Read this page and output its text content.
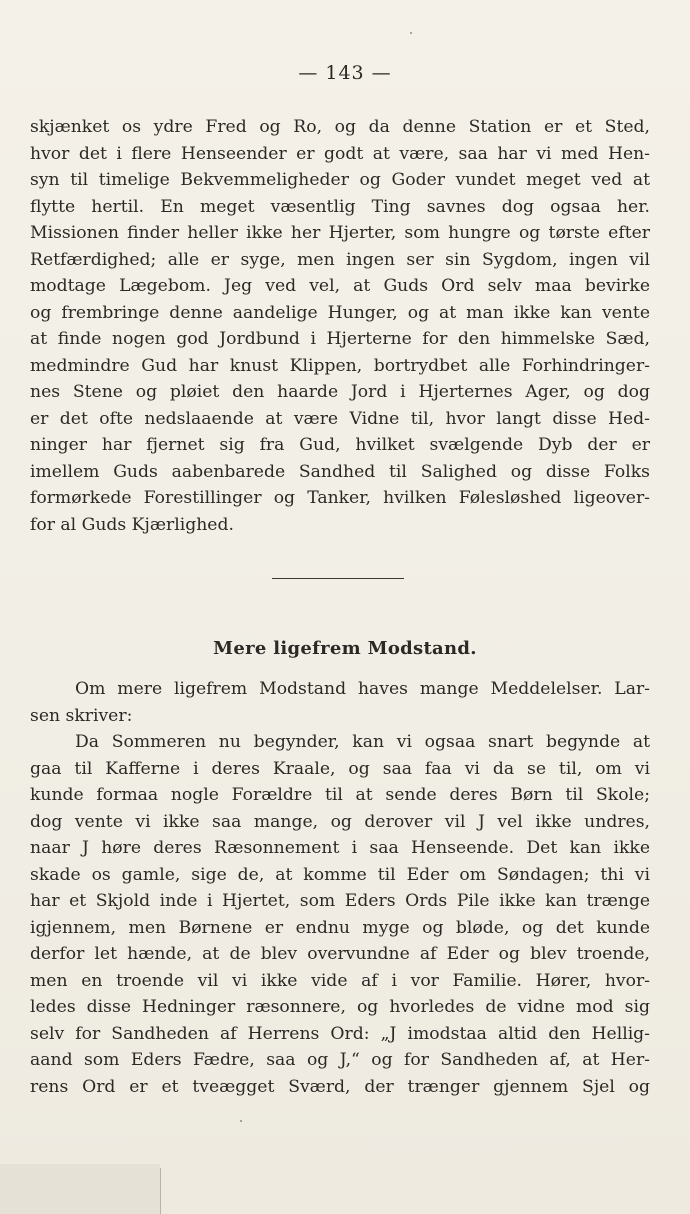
— 143 —
skjænket os ydre Fred og Ro, og da denne Station er et Sted,
hvor det i flere Henseender er godt at være, saa har vi med Hen-
syn til timelige Bekvemmeligheder og Goder vundet meget ved at
flytte hertil. En meget væsentlig Ting savnes dog ogsaa her.
Missionen finder heller ikke her Hjerter, som hungre og tørste efter
Retfærdighed; alle er syge, men ingen ser sin Sygdom, ingen vil
modtage Lægebom. Jeg ved vel, at Guds Ord selv maa bevirke
og frembringe denne aandelige Hunger, og at man ikke kan vente
at finde nogen god Jordbund i Hjerterne for den himmelske Sæd,
medmindre Gud har knust Klippen, bortrydbet alle Forhindringer-
nes Stene og pløiet den haarde Jord i Hjerternes Ager, og dog
er det ofte nedslaaende at være Vidne til, hvor langt disse Hed-
ninger har fjernet sig fra Gud, hvilket svælgende Dyb der er
imellem Guds aabenbarede Sandhed til Salighed og disse Folks
formørkede Forestillinger og Tanker, hvilken Følesløshed ligeover-
for al Guds Kjærlighed.
Mere ligefrem Modstand.
Om mere ligefrem Modstand haves mange Meddelelser. Lar-
sen skriver:
Da Sommeren nu begynder, kan vi ogsaa snart begynde at
gaa til Kafferne i deres Kraale, og saa faa vi da se til, om vi
kunde formaa nogle Forældre til at sende deres Børn til Skole;
dog vente vi ikke saa mange, og derover vil J vel ikke undres,
naar J høre deres Ræsonnement i saa Henseende. Det kan ikke
skade os gamle, sige de, at komme til Eder om Søndagen; thi vi
har et Skjold inde i Hjertet, som Eders Ords Pile ikke kan trænge
igjennem, men Børnene er endnu myge og bløde, og det kunde
derfor let hænde, at de blev overvundne af Eder og blev troende,
men en troende vil vi ikke vide af i vor Familie. Hører, hvor-
ledes disse Hedninger ræsonnere, og hvorledes de vidne mod sig
selv for Sandheden af Herrens Ord: „J imodstaa altid den Hellig-
aand som Eders Fædre, saa og J,“ og for Sandheden af, at Her-
rens Ord er et tveægget Sværd, der trænger gjennem Sjel og
